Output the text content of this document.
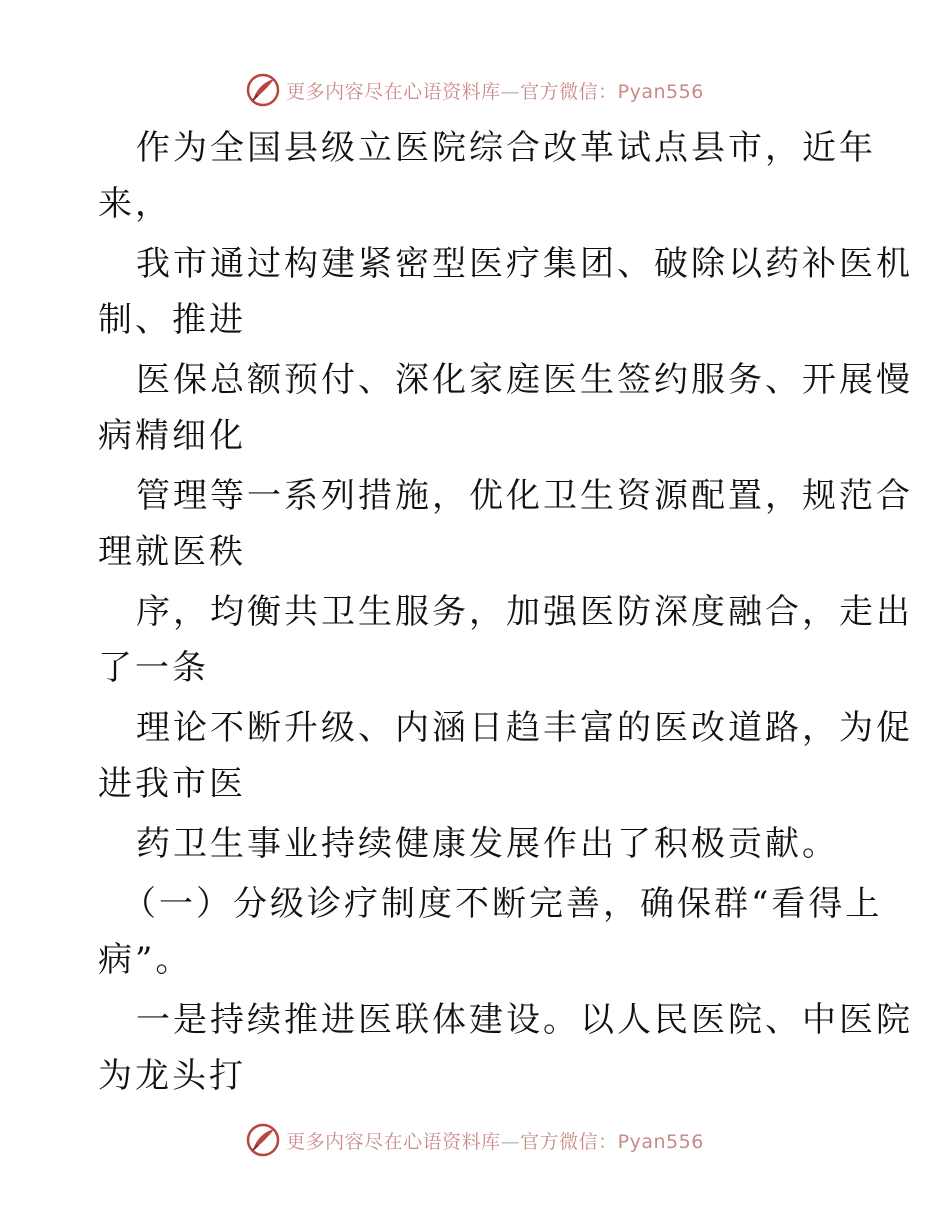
更多内容尽在心语资料库—官方微信：Pyan556
作为全国县级立医院综合改革试点县市，近年
来，
我市通过构建紧密型医疗集团、破除以药补医机
制、推进
医保总额预付、深化家庭医生签约服务、开展慢
病精细化
管理等一系列措施，优化卫生资源配置，规范合
理就医秩
序，均衡共卫生服务，加强医防深度融合，走出
了一条
理论不断升级、内涵日趋丰富的医改道路，为促
进我市医
药卫生事业持续健康发展作出了积极贡献。
（一）分级诊疗制度不断完善，确保群“看得上
病”。
一是持续推进医联体建设。以人民医院、中医院
为龙头打
更多内容尽在心语资料库—官方微信：Pyan556
